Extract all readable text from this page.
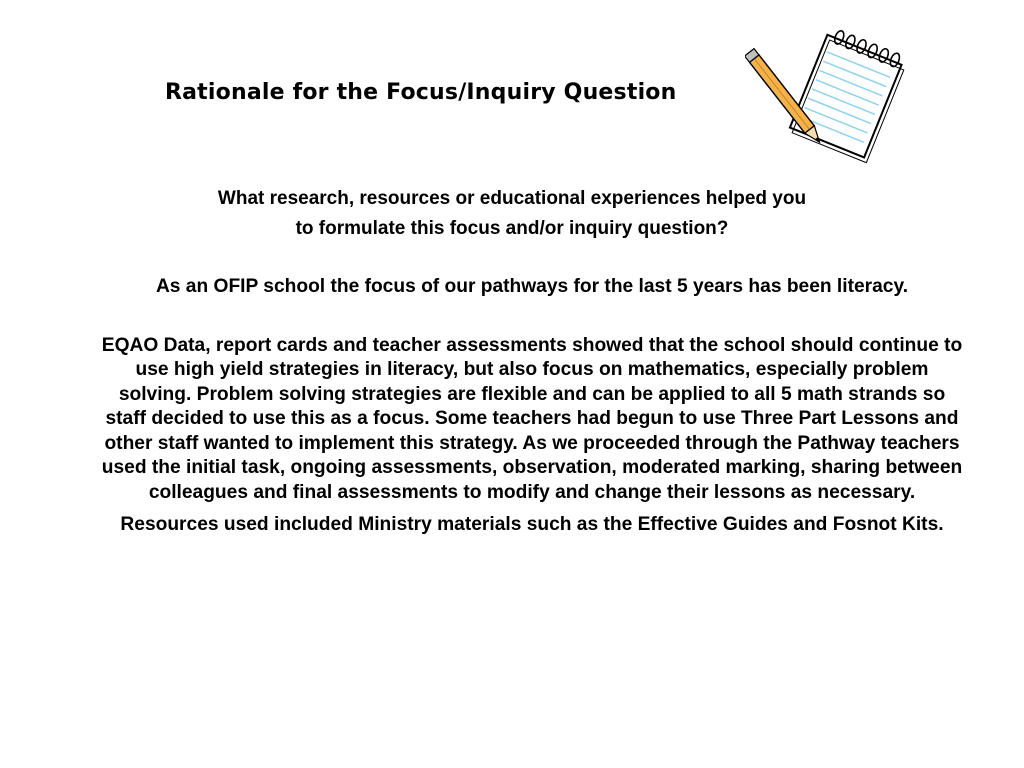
Rationale for the Focus/Inquiry Question
What research, resources or educational experiences helped you
to formulate this focus and/or inquiry question?

As an OFIP school the focus of our pathways for the last 5 years has been literacy.

EQAO Data, report cards and teacher assessments showed that the school should continue to use high yield strategies in literacy, but also focus on mathematics, especially problem solving. Problem solving strategies are flexible and can be applied to all 5 math strands so staff decided to use this as a focus. Some teachers had begun to use Three Part Lessons and other staff wanted to implement this strategy. As we proceeded through the Pathway teachers used the initial task, ongoing assessments, observation, moderated marking, sharing between colleagues and final assessments to modify and change their lessons as necessary.

Resources used included Ministry materials such as the Effective Guides and Fosnot Kits.
